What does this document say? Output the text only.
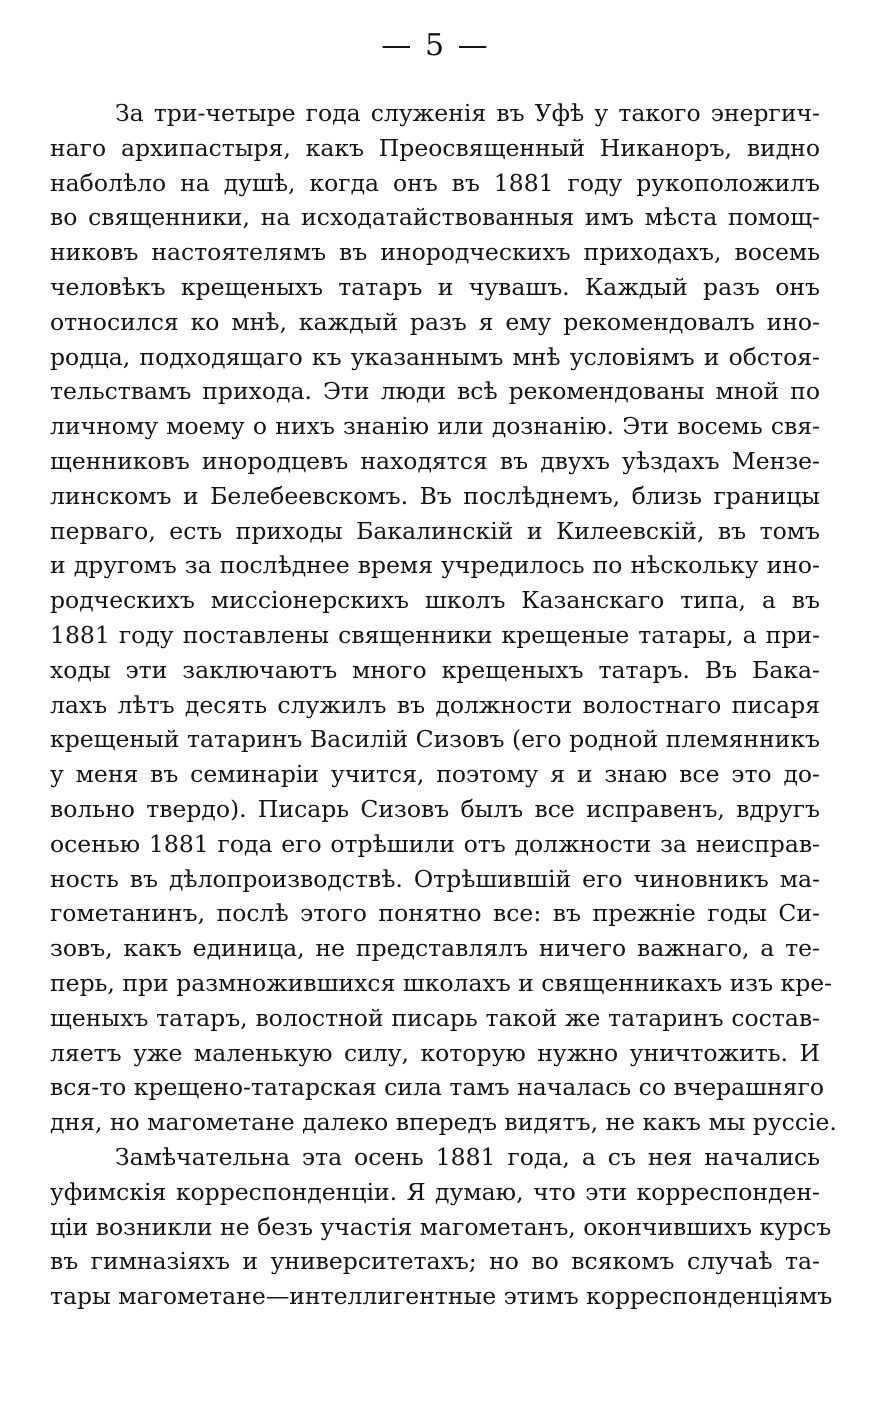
— 5 —
За три-четыре года служенія въ Уфѣ у такого энергич-
наго архипастыря, какъ Преосвященный Никаноръ, видно
наболѣло на душѣ, когда онъ въ 1881 году рукоположилъ
во священники, на исходатайствованныя имъ мѣста помощ-
никовъ настоятелямъ въ инородческихъ приходахъ, восемь
человѣкъ крещеныхъ татаръ и чувашъ. Каждый разъ онъ
относился ко мнѣ, каждый разъ я ему рекомендовалъ ино-
родца, подходящаго къ указаннымъ мнѣ условіямъ и обстоя-
тельствамъ прихода. Эти люди всѣ рекомендованы мной по
личному моему о нихъ знанію или дознанію. Эти восемь свя-
щенниковъ инородцевъ находятся въ двухъ уѣздахъ Мензе-
линскомъ и Белебеевскомъ. Въ послѣднемъ, близь границы
перваго, есть приходы Бакалинскій и Килеевскій, въ томъ
и другомъ за послѣднее время учредилось по нѣскольку ино-
родческихъ миссіонерскихъ школъ Казанскаго типа, а въ
1881 году поставлены священники крещеные татары, а при-
ходы эти заключаютъ много крещеныхъ татаръ. Въ Бака-
лахъ лѣтъ десять служилъ въ должности волостнаго писаря
крещеный татаринъ Василій Сизовъ (его родной племянникъ
у меня въ семинаріи учится, поэтому я и знаю все это до-
вольно твердо). Писарь Сизовъ былъ все исправенъ, вдругъ
осенью 1881 года его отрѣшили отъ должности за неисправ-
ность въ дѣлопроизводствѣ. Отрѣшившій его чиновникъ ма-
гометанинъ, послѣ этого понятно все: въ прежніе годы Си-
зовъ, какъ единица, не представлялъ ничего важнаго, а те-
перь, при размножившихся школахъ и священникахъ изъ кре-
щеныхъ татаръ, волостной писарь такой же татаринъ состав-
ляетъ уже маленькую силу, которую нужно уничтожить. И
вся-то крещено-татарская сила тамъ началась со вчерашняго
дня, но магометане далеко впередъ видятъ, не какъ мы руссіе.
Замѣчательна эта осень 1881 года, а съ нея начались
уфимскія корреспонденціи. Я думаю, что эти корреспонден-
ціи возникли не безъ участія магометанъ, окончившихъ курсъ
въ гимназіяхъ и университетахъ; но во всякомъ случаѣ та-
тары магометане—интеллигентные этимъ корреспонденціямъ
